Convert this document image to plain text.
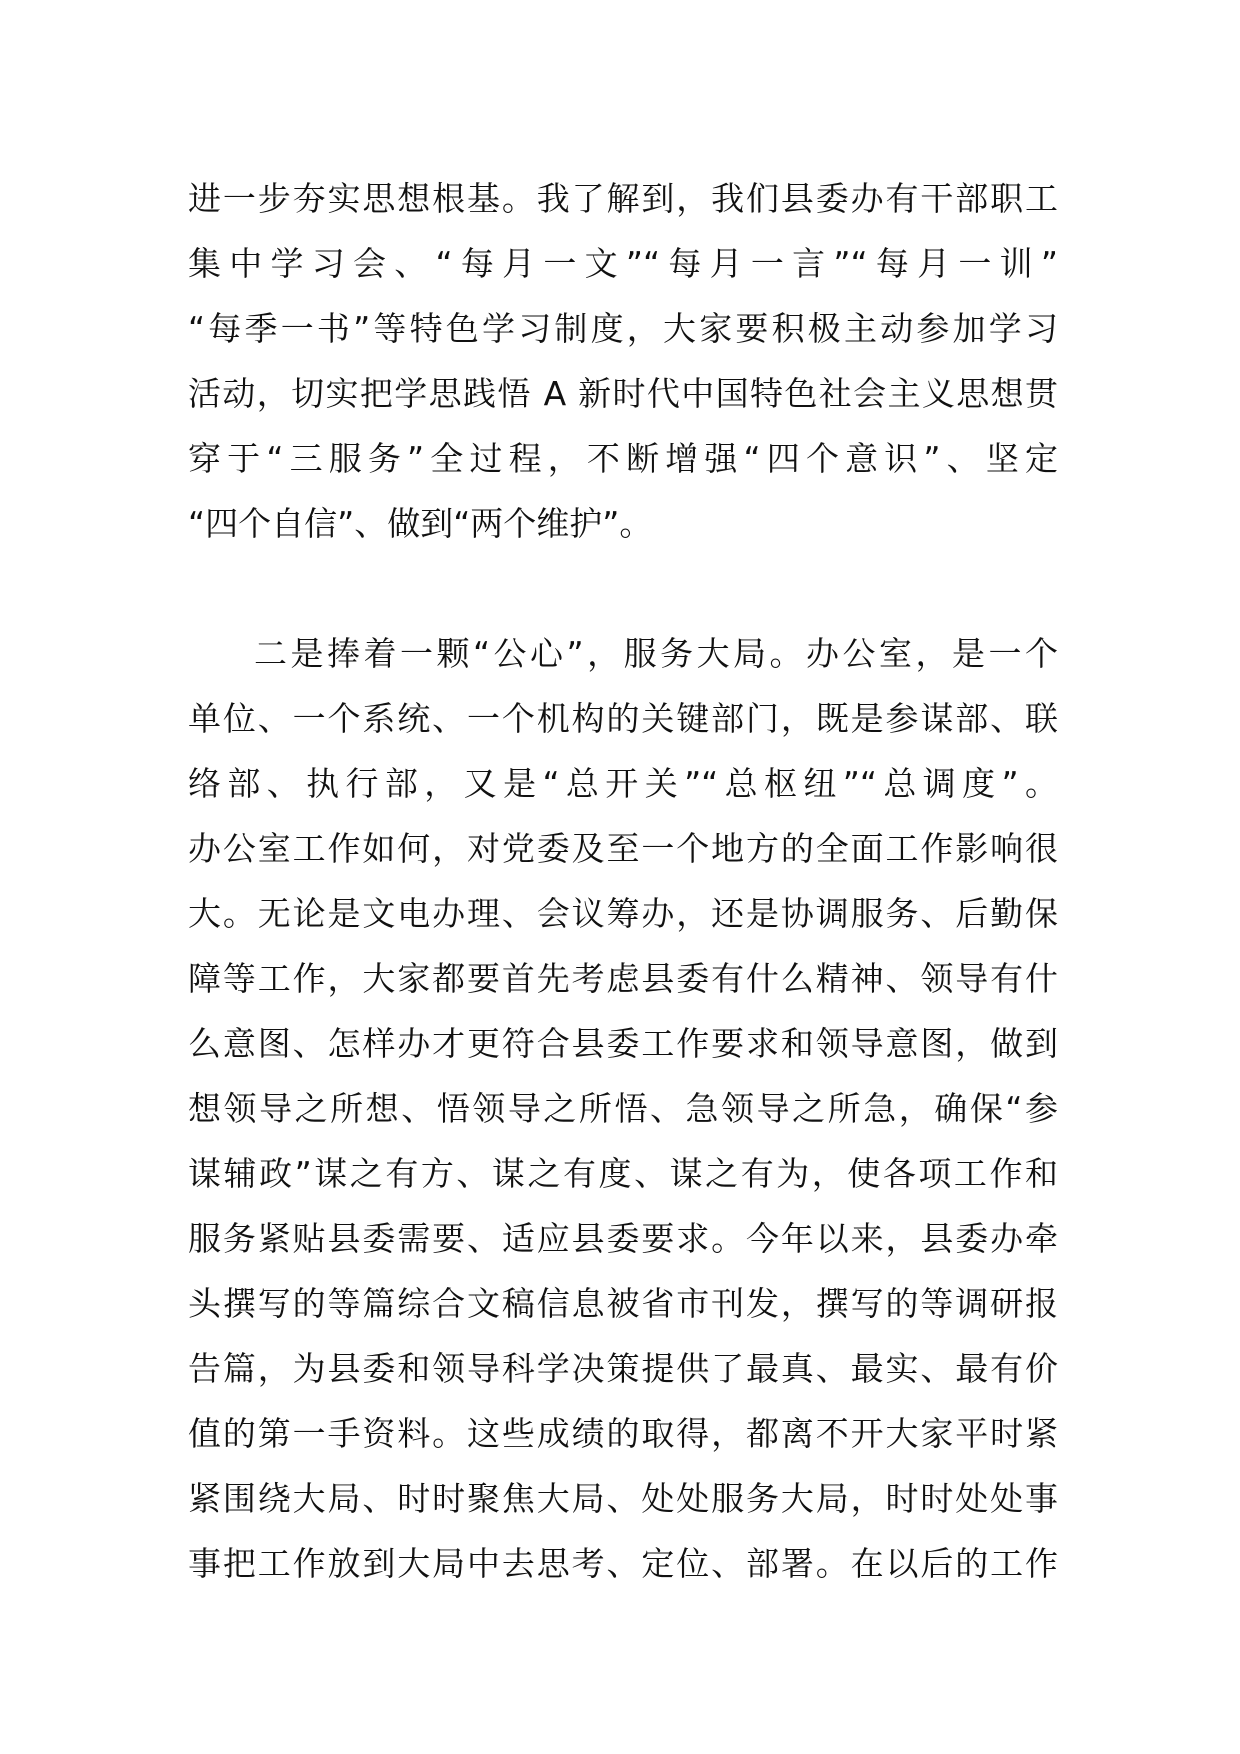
进一步夯实思想根基。我了解到，我们县委办有干部职工
集中学习会、“每月一文”“每月一言”“每月一训”
“每季一书”等特色学习制度，大家要积极主动参加学习
活动，切实把学思践悟 A 新时代中国特色社会主义思想贯
穿于“三服务”全过程，不断增强“四个意识”、坚定
“四个自信”、做到“两个维护”。
二是捧着一颗“公心”，服务大局。办公室，是一个
单位、一个系统、一个机构的关键部门，既是参谋部、联
络部、执行部，又是“总开关”“总枢纽”“总调度”。
办公室工作如何，对党委及至一个地方的全面工作影响很
大。无论是文电办理、会议筹办，还是协调服务、后勤保
障等工作，大家都要首先考虑县委有什么精神、领导有什
么意图、怎样办才更符合县委工作要求和领导意图，做到
想领导之所想、悟领导之所悟、急领导之所急，确保“参
谋辅政”谋之有方、谋之有度、谋之有为，使各项工作和
服务紧贴县委需要、适应县委要求。今年以来，县委办牵
头撰写的等篇综合文稿信息被省市刊发，撰写的等调研报
告篇，为县委和领导科学决策提供了最真、最实、最有价
值的第一手资料。这些成绩的取得，都离不开大家平时紧
紧围绕大局、时时聚焦大局、处处服务大局，时时处处事
事把工作放到大局中去思考、定位、部署。在以后的工作
